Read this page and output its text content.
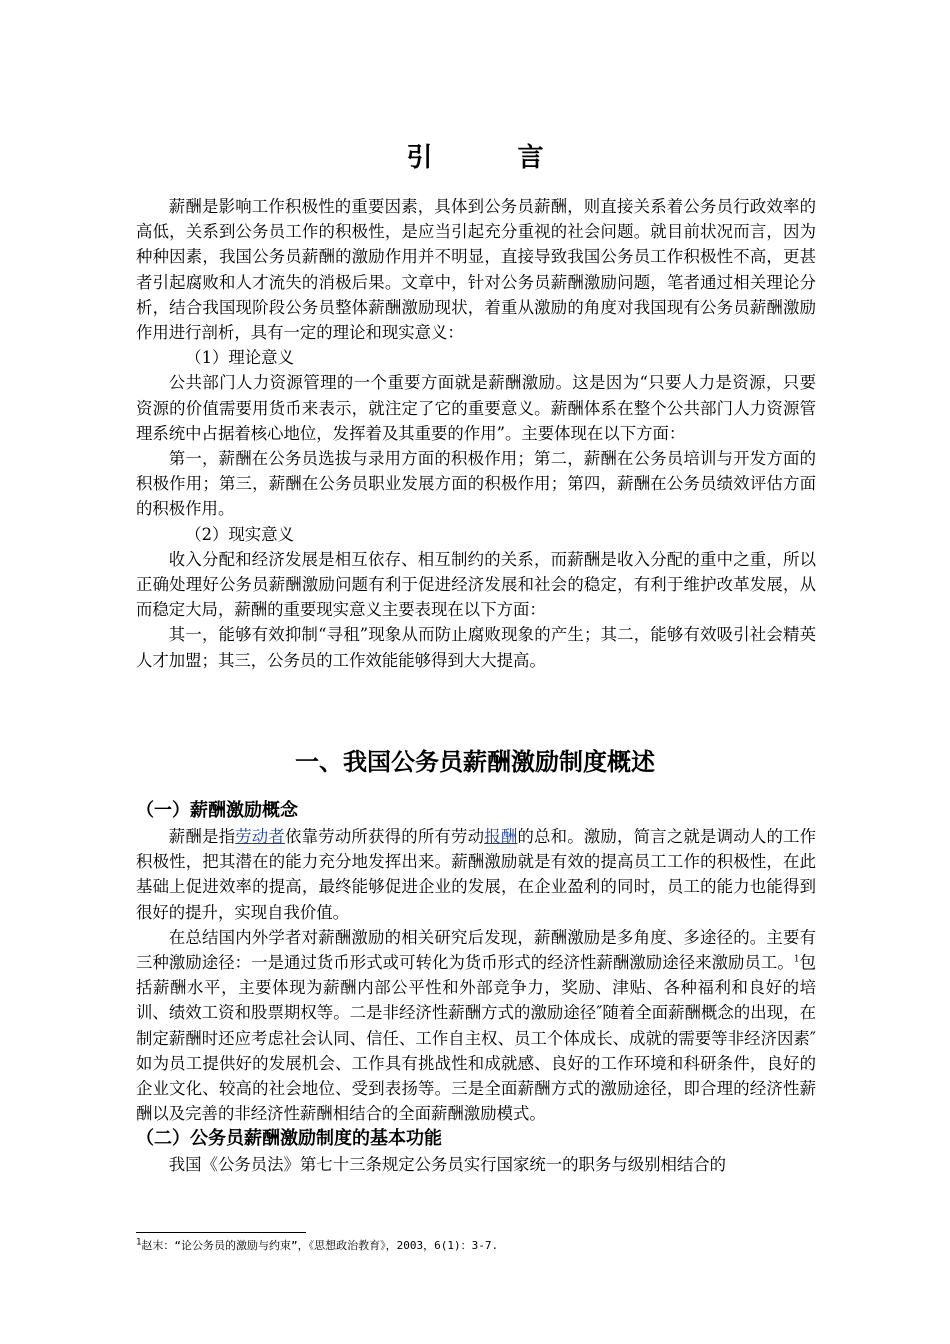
引 言

薪酬是影响工作积极性的重要因素，具体到公务员薪酬，则直接关系着公务员行政效率的高低，关系到公务员工作的积极性，是应当引起充分重视的社会问题。就目前状况而言，因为种种因素，我国公务员薪酬的激励作用并不明显，直接导致我国公务员工作积极性不高，更甚者引起腐败和人才流失的消极后果。文章中，针对公务员薪酬激励问题，笔者通过相关理论分析，结合我国现阶段公务员整体薪酬激励现状，着重从激励的角度对我国现有公务员薪酬激励作用进行剖析，具有一定的理论和现实意义：

（1）理论意义

公共部门人力资源管理的一个重要方面就是薪酬激励。这是因为“只要人力是资源，只要资源的价值需要用货币来表示，就注定了它的重要意义。薪酬体系在整个公共部门人力资源管理系统中占据着核心地位，发挥着及其重要的作用”。主要体现在以下方面：

第一，薪酬在公务员选拔与录用方面的积极作用；第二，薪酬在公务员培训与开发方面的积极作用；第三，薪酬在公务员职业发展方面的积极作用；第四，薪酬在公务员绩效评估方面的积极作用。

（2）现实意义

收入分配和经济发展是相互依存、相互制约的关系，而薪酬是收入分配的重中之重，所以正确处理好公务员薪酬激励问题有利于促进经济发展和社会的稳定，有利于维护改革发展，从而稳定大局，薪酬的重要现实意义主要表现在以下方面：

其一，能够有效抑制“寻租”现象从而防止腐败现象的产生；其二，能够有效吸引社会精英人才加盟；其三，公务员的工作效能能够得到大大提高。

一、我国公务员薪酬激励制度概述

（一）薪酬激励概念

薪酬是指劳动者依靠劳动所获得的所有劳动报酬的总和。激励，简言之就是调动人的工作积极性，把其潜在的能力充分地发挥出来。薪酬激励就是有效的提高员工工作的积极性，在此基础上促进效率的提高，最终能够促进企业的发展，在企业盈利的同时，员工的能力也能得到很好的提升，实现自我价值。

在总结国内外学者对薪酬激励的相关研究后发现，薪酬激励是多角度、多途径的。主要有三种激励途径：一是通过货币形式或可转化为货币形式的经济性薪酬激励途径来激励员工。$^1$包括薪酬水平，主要体现为薪酬内部公平性和外部竞争力，奖励、津贴、各种福利和良好的培训、绩效工资和股票期权等。二是非经济性薪酬方式的激励途径″随着全面薪酬概念的出现，在制定薪酬时还应考虑社会认同、信任、工作自主权、员工个体成长、成就的需要等非经济因素″如为员工提供好的发展机会、工作具有挑战性和成就感、良好的工作环境和科研条件，良好的企业文化、较高的社会地位、受到表扬等。三是全面薪酬方式的激励途径，即合理的经济性薪酬以及完善的非经济性薪酬相结合的全面薪酬激励模式。

（二）公务员薪酬激励制度的基本功能

我国《公务员法》第七十三条规定公务员实行国家统一的职务与级别相结合的

$^1$赵末：“论公务员的激励与约束”，《思想政治教育》，2003，6(1)：3-7.
